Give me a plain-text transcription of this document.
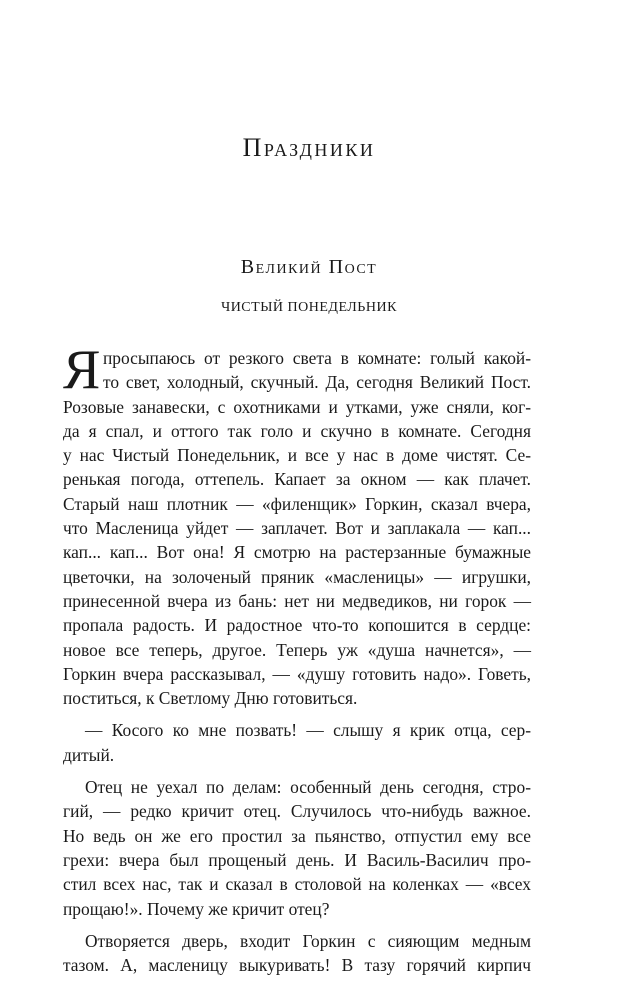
Праздники
Великий Пост
ЧИСТЫЙ ПОНЕДЕЛЬНИК
Я просыпаюсь от резкого света в комнате: голый какой-
то свет, холодный, скучный. Да, сегодня Великий Пост.
Розовые занавески, с охотниками и утками, уже сняли, ког-
да я спал, и оттого так голо и скучно в комнате. Сегодня
у нас Чистый Понедельник, и все у нас в доме чистят. Се-
ренькая погода, оттепель. Капает за окном — как плачет.
Старый наш плотник — «филенщик» Горкин, сказал вчера,
что Масленица уйдет — заплачет. Вот и заплакала — кап...
кап... кап... Вот она! Я смотрю на растерзанные бумажные
цветочки, на золоченый пряник «масленицы» — игрушки,
принесенной вчера из бань: нет ни медведиков, ни горок —
пропала радость. И радостное что-то копошится в сердце:
новое все теперь, другое. Теперь уж «душа начнется», —
Горкин вчера рассказывал, — «душу готовить надо». Говеть,
поститься, к Светлому Дню готовиться.
— Косого ко мне позвать! — слышу я крик отца, сер-
дитый.
Отец не уехал по делам: особенный день сегодня, стро-
гий, — редко кричит отец. Случилось что-нибудь важное.
Но ведь он же его простил за пьянство, отпустил ему все
грехи: вчера был прощеный день. И Василь-Василич про-
стил всех нас, так и сказал в столовой на коленках — «всех
прощаю!». Почему же кричит отец?
Отворяется дверь, входит Горкин с сияющим медным
тазом. А, масленицу выкуривать! В тазу горячий кирпич
